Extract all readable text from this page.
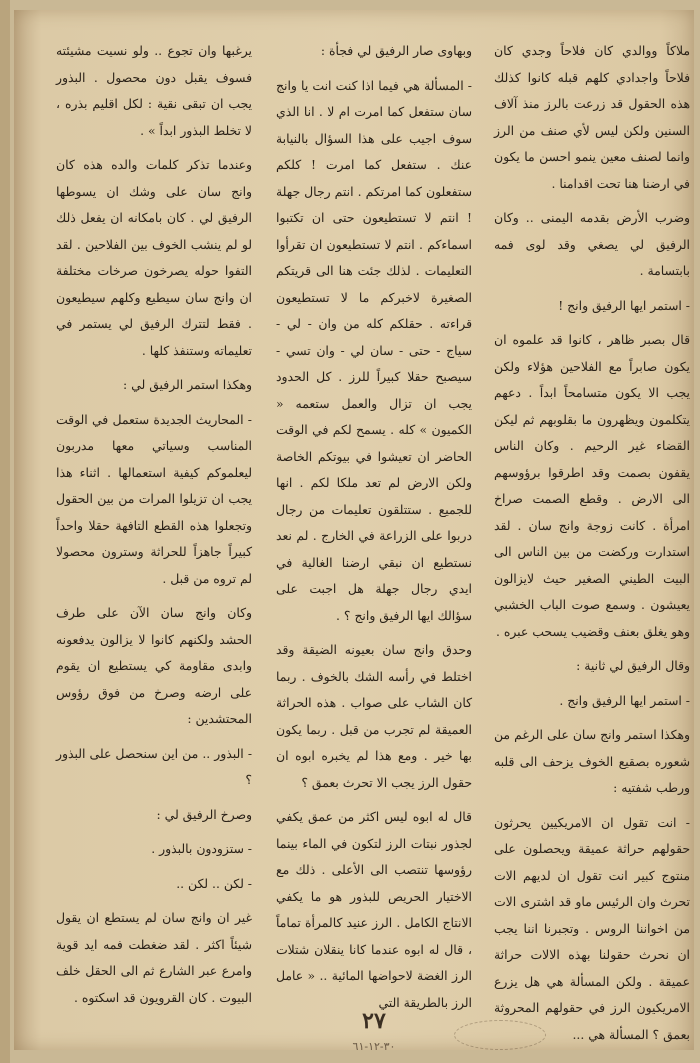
ملاكاً ووالدي كان فلاحاً وجدي كان فلاحاً واجدادي كلهم قبله كانوا كذلك هذه الحقول قد زرعت بالرز منذ آلاف السنين ولكن ليس لأي صنف من الرز وانما لصنف معين ينمو احسن ما يكون في ارضنا هنا تحت اقدامنا .

وضرب الأرض بقدمه اليمنى .. وكان الرفيق لي يصغي وقد لوى فمه بابتسامة .

- استمر ايها الرفيق وانج !

قال بصبر ظاهر ، كانوا قد علموه ان يكون صابراً مع الفلاحين هؤلاء ولكن يجب الا يكون متسامحاً ابداً . دعهم يتكلمون ويظهرون ما بقلوبهم ثم ليكن القضاء غير الرحيم . وكان الناس يقفون بصمت وقد اطرقوا برؤوسهم الى الارض . وقطع الصمت صراخ امرأة . كانت زوجة وانج سان . لقد استدارت وركضت من بين الناس الى البيت الطيني الصغير حيث لايزالون يعيشون . وسمع صوت الباب الخشبي وهو يغلق بعنف وقضيب يسحب عبره .

وقال الرفيق لي ثانية :

- استمر ايها الرفيق وانج .

وهكذا استمر وانج سان على الرغم من شعوره بصقيع الخوف يزحف الى قلبه ورطب شفتيه :

- انت تقول ان الامريكيين يحرثون حقولهم حراثة عميقة ويحصلون على منتوج كبير انت تقول ان لديهم الات تحرث وان الرئيس ماو قد اشترى الات من اخواننا الروس . وتجبرنا اننا يجب ان نحرث حقولنا بهذه الالات حراثة عميقة . ولكن المسألة هي هل يزرع الامريكيون الرز في حقولهم المحروثة بعمق ؟ المسألة هي ...

وبهاوى صار الرفيق لي فجأة :

- المسألة هي فيما اذا كنت انت يا وانج سان ستفعل كما امرت ام لا . انا الذي سوف اجيب على هذا السؤال بالنيابة عنك . ستفعل كما امرت ! كلكم ستفعلون كما امرتكم . انتم رجال جهلة ! انتم لا تستطيعون حتى ان تكتبوا اسماءكم . انتم لا تستطيعون ان تقرأوا التعليمات . لذلك جئت هنا الى قريتكم الصغيرة لاخبركم ما لا تستطيعون قراءته . حقلكم كله من وان - لي - سياج - حتى - سان لي - وان تسي - سيصبح حقلا كبيراً للرز . كل الحدود يجب ان تزال والعمل ستعمه « الكميون » كله . يسمح لكم في الوقت الحاضر ان تعيشوا في بيوتكم الخاصة ولكن الارض لم تعد ملكا لكم . انها للجميع . ستتلقون تعليمات من رجال دربوا على الزراعة في الخارج . لم نعد نستطيع ان نبقي ارضنا الغالية في ايدي رجال جهلة هل اجبت على سؤالك ايها الرفيق وانج ؟ .

وحدق وانج سان بعيونه الضيقة وقد اختلط في رأسه الشك بالخوف . ربما كان الشاب على صواب . هذه الحراثة العميقة لم تجرب من قبل . ربما يكون بها خير . ومع هذا لم يخبره ابوه ان حقول الرز يجب الا تحرث بعمق ؟

قال له ابوه ليس اكثر من عمق يكفي لجذور نبتات الرز لتكون في الماء بينما رؤوسها تنتصب الى الأعلى . ذلك مع الاختيار الحريص للبذور هو ما يكفي الانتاج الكامل . الرز عنيد كالمرأة تماماً ، قال له ابوه عندما كانا ينقلان شتلات الرز الغضة لاحواضها المائية .. « عامل الرز بالطريقة التي

يرغبها وان تجوع .. ولو نسيت مشيئته فسوف يقبل دون محصول . البذور يجب ان تبقى نقية : لكل اقليم بذره ، لا تخلط البذور ابداً » .

وعندما تذكر كلمات والده هذه كان وانج سان على وشك ان يسوطها الرفيق لي . كان بامكانه ان يفعل ذلك لو لم ينشب الخوف بين الفلاحين . لقد التفوا حوله يصرخون صرخات مختلفة ان وانج سان سيطيع وكلهم سيطيعون . فقط لتترك الرفيق لي يستمر في تعليماته وستنفذ كلها .

وهكذا استمر الرفيق لي :

- المحاريث الجديدة ستعمل في الوقت المناسب وسياتي معها مدربون ليعلموكم كيفية استعمالها . اثناء هذا يجب ان تزيلوا المرات من بين الحقول وتجعلوا هذه القطع التافهة حقلا واحداً كبيراً جاهزاً للحراثة وسترون محصولا لم تروه من قبل .

وكان وانج سان الآن على طرف الحشد ولكنهم كانوا لا يزالون يدفعونه وابدى مقاومة كي يستطيع ان يقوم على ارضه وصرخ من فوق رؤوس المحتشدين :

- البذور .. من اين سنحصل على البذور ؟

وصرخ الرفيق لي :

- ستزودون بالبذور .

- لكن .. لكن ..

غير ان وانج سان لم يستطع ان يقول شيئاً اكثر . لقد ضغطت فمه ايد قوية وامرع عبر الشارع ثم الى الحقل خلف البيوت . كان القرويون قد اسكتوه .

٢٧
٣٠-١٢-٦١
